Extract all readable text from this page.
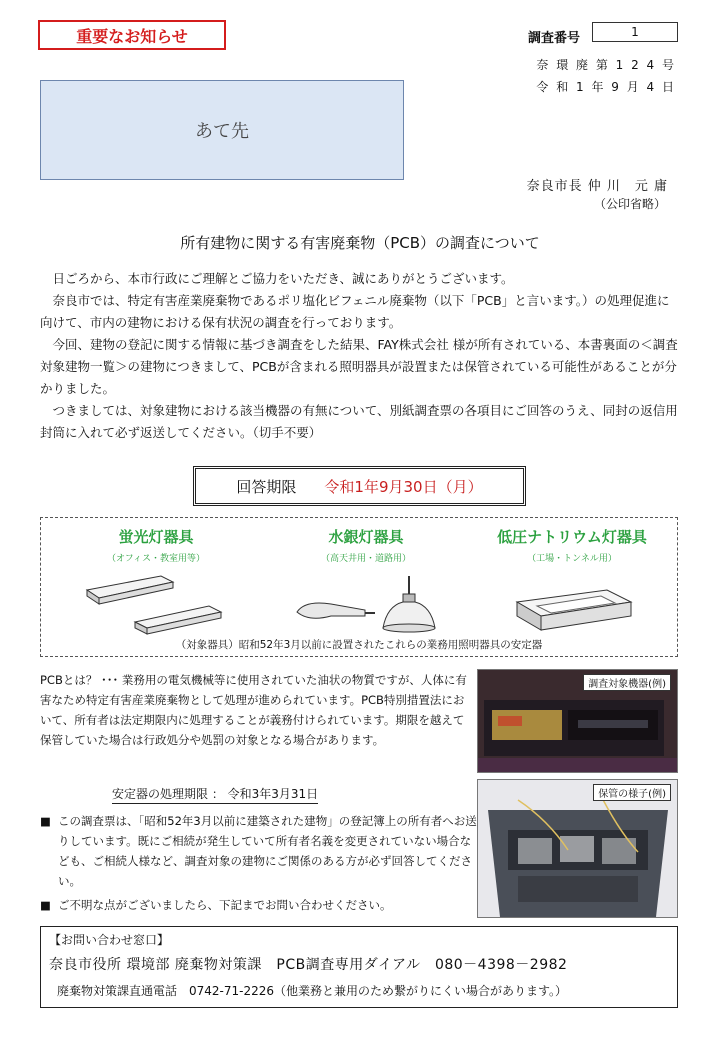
重要なお知らせ	調査番号	1
奈 環 廃 第 1 2 4 号
令 和 1 年 9 月 4 日
あて先
奈良市長 仲 川　元 庸
（公印省略）
所有建物に関する有害廃棄物（PCB）の調査について

日ごろから、本市行政にご理解とご協力をいただき、誠にありがとうございます。

奈良市では、特定有害産業廃棄物であるポリ塩化ビフェニル廃棄物（以下「PCB」と言います。）の処理促進に向けて、市内の建物における保有状況の調査を行っております。

今回、建物の登記に関する情報に基づき調査をした結果、FAY株式会社 様が所有されている、本書裏面の＜調査対象建物一覧＞の建物につきまして、PCBが含まれる照明器具が設置または保管されている可能性があることが分かりました。

つきましては、対象建物における該当機器の有無について、別紙調査票の各項目にご回答のうえ、同封の返信用封筒に入れて必ず返送してください。（切手不要）

回答期限 令和1年9月30日（月）
蛍光灯器具
（オフィス・教室用等）
水銀灯器具
（高天井用・道路用）
低圧ナトリウム灯器具
（工場・トンネル用）
（対象器具）昭和52年3月以前に設置されたこれらの業務用照明器具の安定器
PCBとは？ ･･･ 業務用の電気機械等に使用されていた油状の物質ですが、人体に有害なため特定有害産業廃棄物として処理が進められています。PCB特別措置法において、所有者は法定期限内に処理することが義務付けられています。期限を越えて保管していた場合は行政処分や処罰の対象となる場合があります。
安定器の処理期限 ： 令和3年3月31日
■ この調査票は、「昭和52年3月以前に建築された建物」の登記簿上の所有者へお送りしています。既にご相続が発生していて所有者名義を変更されていない場合なども、ご相続人様など、調査対象の建物にご関係のある方が必ず回答してください。
■ ご不明な点がございましたら、下記までお問い合わせください。
調査対象機器(例)
保管の様子(例)
【お問い合わせ窓口】
奈良市役所 環境部 廃棄物対策課　PCB調査専用ダイアル　080－4398－2982
廃棄物対策課直通電話　0742-71-2226（他業務と兼用のため繋がりにくい場合があります。）
